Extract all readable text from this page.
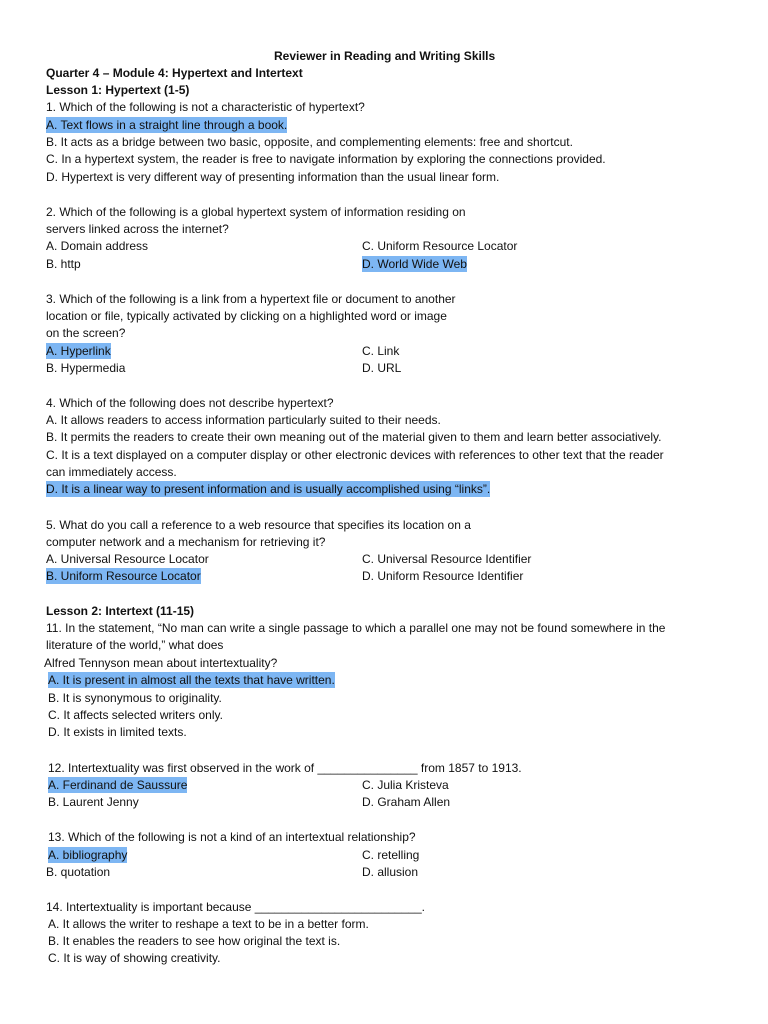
Reviewer in Reading and Writing Skills
Quarter 4 – Module 4: Hypertext and Intertext
Lesson 1: Hypertext (1-5)
1. Which of the following is not a characteristic of hypertext?
A. Text flows in a straight line through a book.
B. It acts as a bridge between two basic, opposite, and complementing elements: free and shortcut.
C. In a hypertext system, the reader is free to navigate information by exploring the connections provided.
D. Hypertext is very different way of presenting information than the usual linear form.
2. Which of the following is a global hypertext system of information residing on
servers linked across the internet?
A. Domain address	C. Uniform Resource Locator
B. http	D. World Wide Web
3. Which of the following is a link from a hypertext file or document to another
location or file, typically activated by clicking on a highlighted word or image
on the screen?
A. Hyperlink	C. Link
B. Hypermedia	D. URL
4. Which of the following does not describe hypertext?
A. It allows readers to access information particularly suited to their needs.
B. It permits the readers to create their own meaning out of the material given to them and learn better associatively.
C. It is a text displayed on a computer display or other electronic devices with references to other text that the reader
can immediately access.
D. It is a linear way to present information and is usually accomplished using “links”.
5. What do you call a reference to a web resource that specifies its location on a
computer network and a mechanism for retrieving it?
A. Universal Resource Locator	C. Universal Resource Identifier
B. Uniform Resource Locator	D. Uniform Resource Identifier
Lesson 2: Intertext (11-15)
11. In the statement, “No man can write a single passage to which a parallel one may not be found somewhere in the
literature of the world,” what does
Alfred Tennyson mean about intertextuality?
A. It is present in almost all the texts that have written.
B. It is synonymous to originality.
C. It affects selected writers only.
D. It exists in limited texts.
12. Intertextuality was first observed in the work of _______________ from 1857 to 1913.
A. Ferdinand de Saussure	C. Julia Kristeva
B. Laurent Jenny	D. Graham Allen
13. Which of the following is not a kind of an intertextual relationship?
A. bibliography	C. retelling
B. quotation	D. allusion
14. Intertextuality is important because _________________________.
A. It allows the writer to reshape a text to be in a better form.
B. It enables the readers to see how original the text is.
C. It is way of showing creativity.
